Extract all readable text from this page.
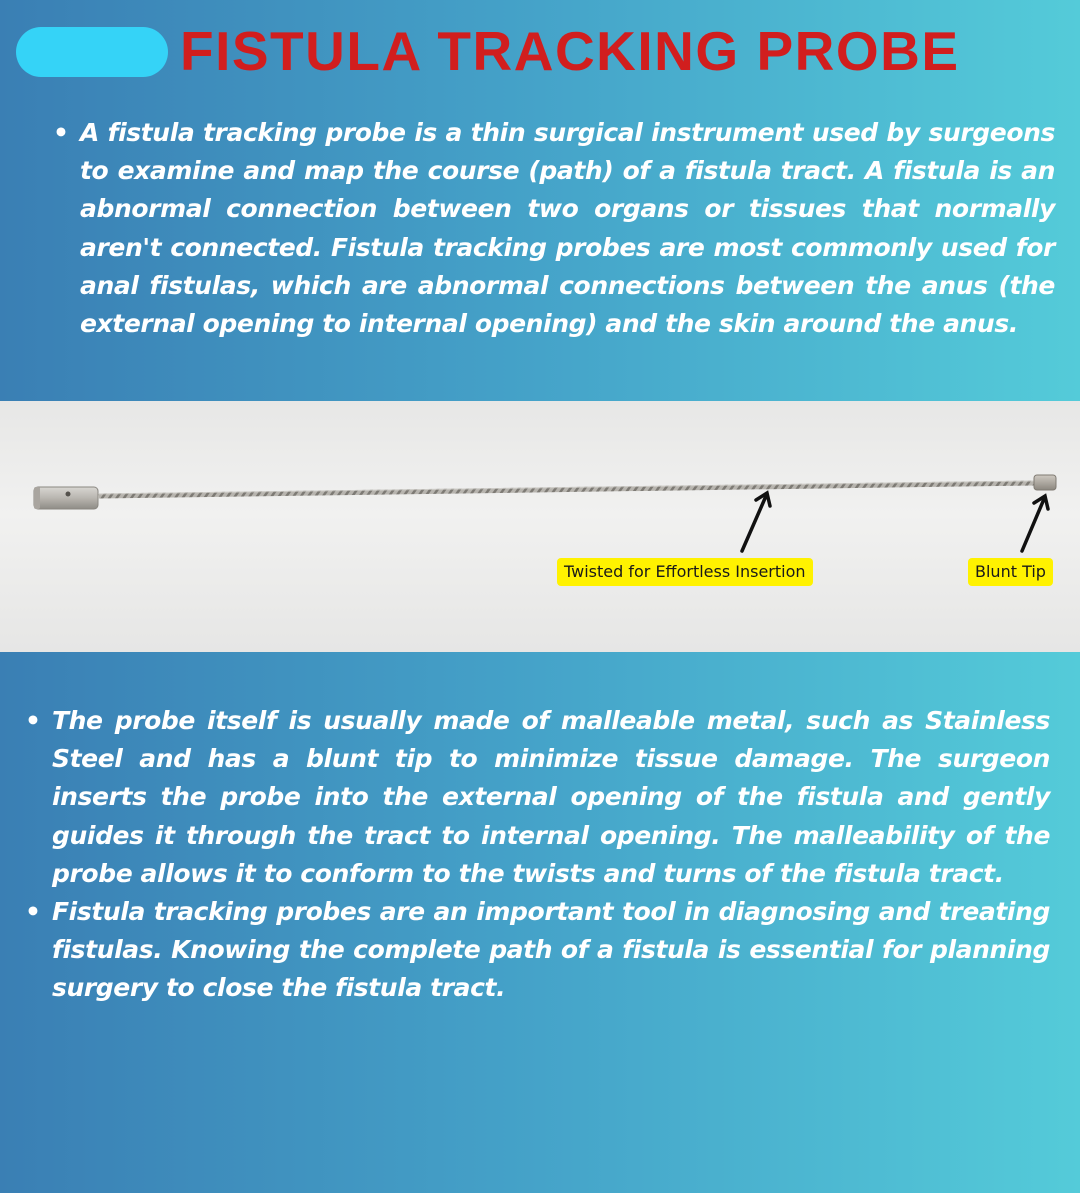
FISTULA TRACKING PROBE
• A fistula tracking probe is a thin surgical instrument used by surgeons to examine and map the course (path) of a fistula tract. A fistula is an abnormal connection between two organs or tissues that normally aren't connected. Fistula tracking probes are most commonly used for anal fistulas, which are abnormal connections between the anus (the external opening to internal opening) and the skin around the anus.
Twisted for Effortless Insertion	Blunt Tip
• The probe itself is usually made of malleable metal, such as Stainless Steel and has a blunt tip to minimize tissue damage. The surgeon inserts the probe into the external opening of the fistula and gently guides it through the tract to internal opening. The malleability of the probe allows it to conform to the twists and turns of the fistula tract.
• Fistula tracking probes are an important tool in diagnosing and treating fistulas. Knowing the complete path of a fistula is essential for planning surgery to close the fistula tract.
